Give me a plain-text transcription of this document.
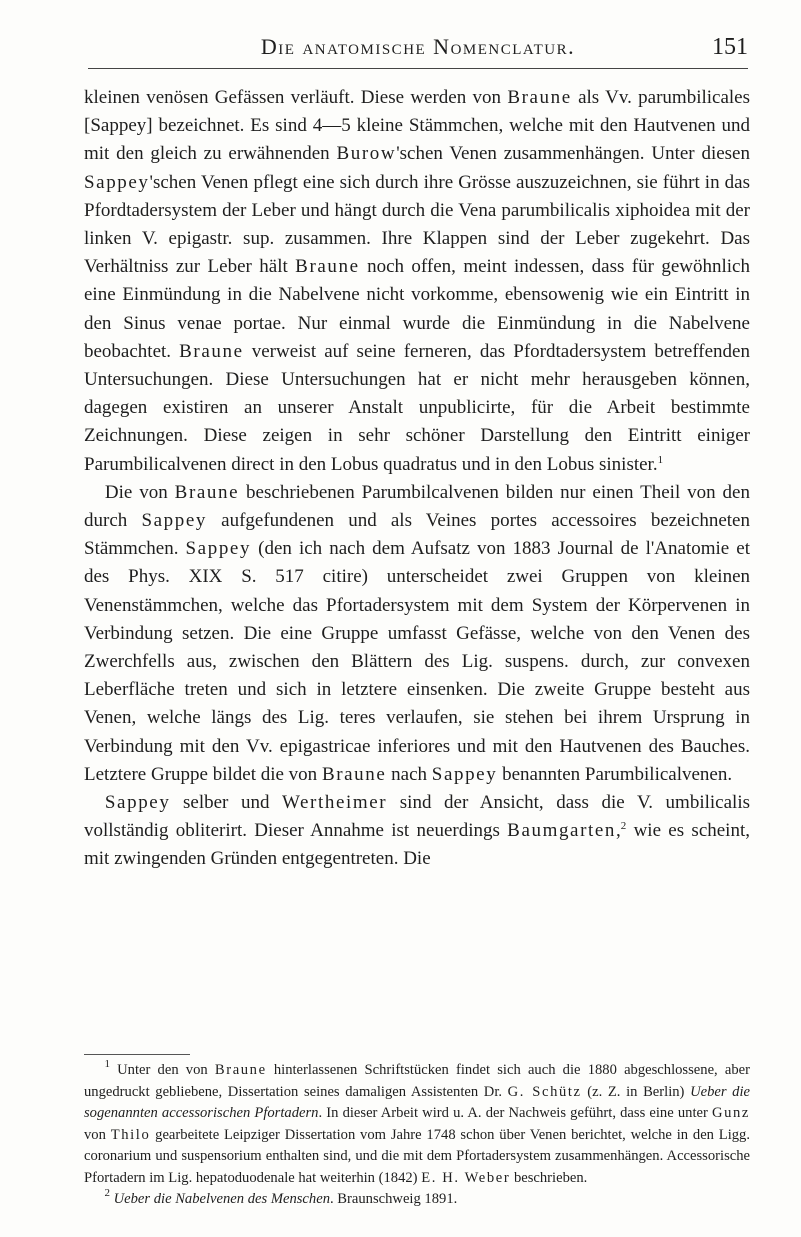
Die anatomische Nomenclatur.	151

kleinen venösen Gefässen verläuft. Diese werden von Braune als Vv. parumbilicales [Sappey] bezeichnet. Es sind 4—5 kleine Stämmchen, welche mit den Hautvenen und mit den gleich zu erwähnenden Burow'schen Venen zusammenhängen. Unter diesen Sappey'schen Venen pflegt eine sich durch ihre Grösse auszuzeichnen, sie führt in das Pfordtadersystem der Leber und hängt durch die Vena parumbilicalis xiphoidea mit der linken V. epigastr. sup. zusammen. Ihre Klappen sind der Leber zugekehrt. Das Verhältniss zur Leber hält Braune noch offen, meint indessen, dass für gewöhnlich eine Einmündung in die Nabelvene nicht vorkomme, ebensowenig wie ein Eintritt in den Sinus venae portae. Nur einmal wurde die Einmündung in die Nabelvene beobachtet. Braune verweist auf seine ferneren, das Pfordtadersystem betreffenden Untersuchungen. Diese Untersuchungen hat er nicht mehr herausgeben können, dagegen existiren an unserer Anstalt unpublicirte, für die Arbeit bestimmte Zeichnungen. Diese zeigen in sehr schöner Darstellung den Eintritt einiger Parumbilicalvenen direct in den Lobus quadratus und in den Lobus sinister.$^1$

Die von Braune beschriebenen Parumbilcalvenen bilden nur einen Theil von den durch Sappey aufgefundenen und als Veines portes accessoires bezeichneten Stämmchen. Sappey (den ich nach dem Aufsatz von 1883 Journal de l'Anatomie et des Phys. XIX S. 517 citire) unterscheidet zwei Gruppen von kleinen Venenstämmchen, welche das Pfortadersystem mit dem System der Körpervenen in Verbindung setzen. Die eine Gruppe umfasst Gefässe, welche von den Venen des Zwerchfells aus, zwischen den Blättern des Lig. suspens. durch, zur convexen Leberfläche treten und sich in letztere einsenken. Die zweite Gruppe besteht aus Venen, welche längs des Lig. teres verlaufen, sie stehen bei ihrem Ursprung in Verbindung mit den Vv. epigastricae inferiores und mit den Hautvenen des Bauches. Letztere Gruppe bildet die von Braune nach Sappey benannten Parumbilicalvenen.

Sappey selber und Wertheimer sind der Ansicht, dass die V. umbilicalis vollständig obliterirt. Dieser Annahme ist neuerdings Baumgarten,$^2$ wie es scheint, mit zwingenden Gründen entgegentreten. Die

$^1$ Unter den von Braune hinterlassenen Schriftstücken findet sich auch die 1880 abgeschlossene, aber ungedruckt gebliebene, Dissertation seines damaligen Assistenten Dr. G. Schütz (z. Z. in Berlin) Ueber die sogenannten accessorischen Pfortadern. In dieser Arbeit wird u. A. der Nachweis geführt, dass eine unter Gunz von Thilo gearbeitete Leipziger Dissertation vom Jahre 1748 schon über Venen berichtet, welche in den Ligg. coronarium und suspensorium enthalten sind, und die mit dem Pfortadersystem zusammenhängen. Accessorische Pfortadern im Lig. hepatoduodenale hat weiterhin (1842) E. H. Weber beschrieben.

$^2$ Ueber die Nabelvenen des Menschen. Braunschweig 1891.
